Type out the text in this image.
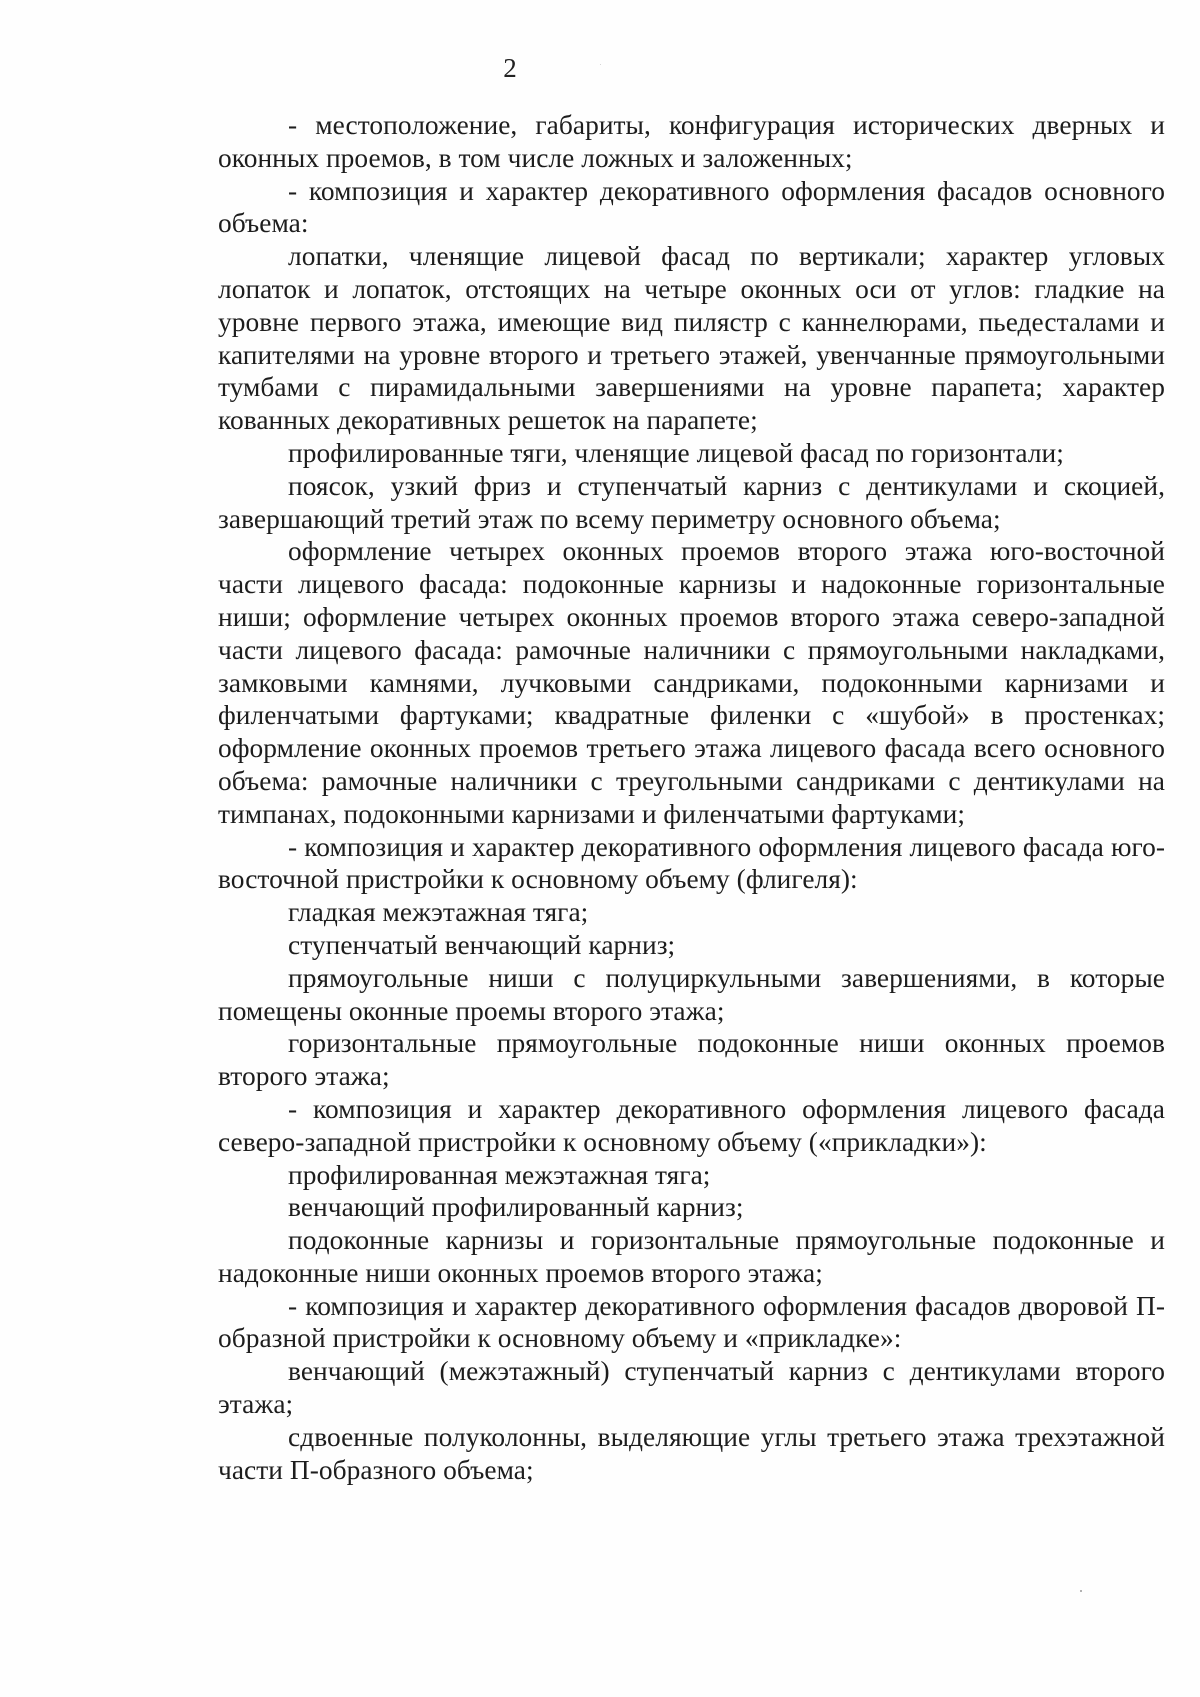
2

- местоположение, габариты, конфигурация исторических дверных и оконных проемов, в том числе ложных и заложенных;

- композиция и характер декоративного оформления фасадов основного объема:

лопатки, членящие лицевой фасад по вертикали; характер угловых лопаток и лопаток, отстоящих на четыре оконных оси от углов: гладкие на уровне первого этажа, имеющие вид пилястр с каннелюрами, пьедесталами и капителями на уровне второго и третьего этажей, увенчанные прямоугольными тумбами с пирамидальными завершениями на уровне парапета; характер кованных декоративных решеток на парапете;

профилированные тяги, членящие лицевой фасад по горизонтали;

поясок, узкий фриз и ступенчатый карниз с дентикулами и скоцией, завершающий третий этаж по всему периметру основного объема;

оформление четырех оконных проемов второго этажа юго-восточной части лицевого фасада: подоконные карнизы и надоконные горизонтальные ниши; оформление четырех оконных проемов второго этажа северо-западной части лицевого фасада: рамочные наличники с прямоугольными накладками, замковыми камнями, лучковыми сандриками, подоконными карнизами и филенчатыми фартуками; квадратные филенки с «шубой» в простенках; оформление оконных проемов третьего этажа лицевого фасада всего основного объема: рамочные наличники с треугольными сандриками с дентикулами на тимпанах, подоконными карнизами и филенчатыми фартуками;

- композиция и характер декоративного оформления лицевого фасада юго-восточной пристройки к основному объему (флигеля):

гладкая межэтажная тяга;

ступенчатый венчающий карниз;

прямоугольные ниши с полуциркульными завершениями, в которые помещены оконные проемы второго этажа;

горизонтальные прямоугольные подоконные ниши оконных проемов второго этажа;

- композиция и характер декоративного оформления лицевого фасада северо-западной пристройки к основному объему («прикладки»):

профилированная межэтажная тяга;

венчающий профилированный карниз;

подоконные карнизы и горизонтальные прямоугольные подоконные и надоконные ниши оконных проемов второго этажа;

- композиция и характер декоративного оформления фасадов дворовой П-образной пристройки к основному объему и «прикладке»:

венчающий (межэтажный) ступенчатый карниз с дентикулами второго этажа;

сдвоенные полуколонны, выделяющие углы третьего этажа трехэтажной части П-образного объема;
